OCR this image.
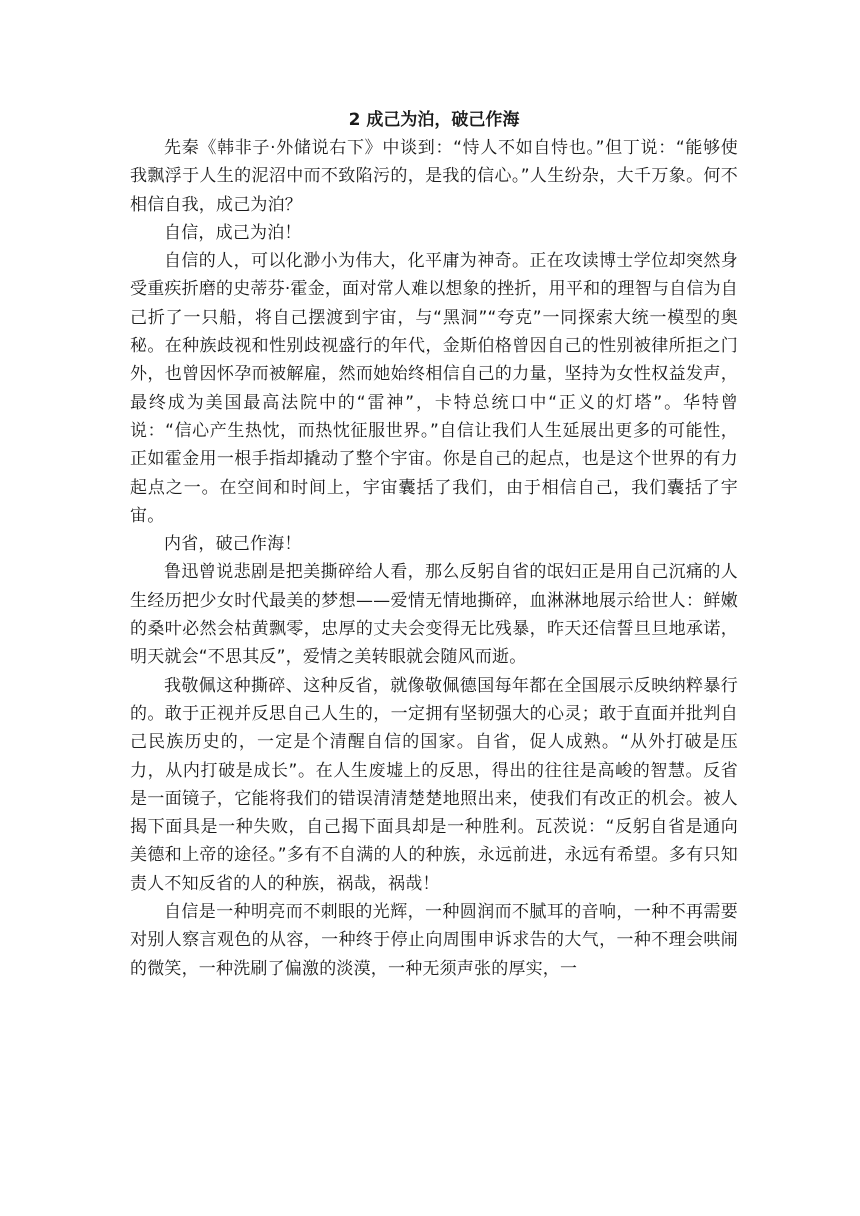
2 成己为泊，破己作海

先秦《韩非子·外储说右下》中谈到：“恃人不如自恃也。”但丁说：“能够使我飘浮于人生的泥沼中而不致陷污的，是我的信心。”人生纷杂，大千万象。何不相信自我，成己为泊？

自信，成己为泊！

自信的人，可以化渺小为伟大，化平庸为神奇。正在攻读博士学位却突然身受重疾折磨的史蒂芬·霍金，面对常人难以想象的挫折，用平和的理智与自信为自己折了一只船，将自己摆渡到宇宙，与“黑洞”“夸克”一同探索大统一模型的奥秘。在种族歧视和性别歧视盛行的年代，金斯伯格曾因自己的性别被律所拒之门外，也曾因怀孕而被解雇，然而她始终相信自己的力量，坚持为女性权益发声，最终成为美国最高法院中的“雷神”，卡特总统口中“正义的灯塔”。华特曾说：“信心产生热忱，而热忱征服世界。”自信让我们人生延展出更多的可能性，正如霍金用一根手指却撬动了整个宇宙。你是自己的起点，也是这个世界的有力起点之一。在空间和时间上，宇宙囊括了我们，由于相信自己，我们囊括了宇宙。

内省，破己作海！

鲁迅曾说悲剧是把美撕碎给人看，那么反躬自省的氓妇正是用自己沉痛的人生经历把少女时代最美的梦想——爱情无情地撕碎，血淋淋地展示给世人：鲜嫩的桑叶必然会枯黄飘零，忠厚的丈夫会变得无比残暴，昨天还信誓旦旦地承诺，明天就会“不思其反”，爱情之美转眼就会随风而逝。

我敬佩这种撕碎、这种反省，就像敬佩德国每年都在全国展示反映纳粹暴行的。敢于正视并反思自己人生的，一定拥有坚韧强大的心灵；敢于直面并批判自己民族历史的，一定是个清醒自信的国家。自省，促人成熟。“从外打破是压力，从内打破是成长”。在人生废墟上的反思，得出的往往是高峻的智慧。反省是一面镜子，它能将我们的错误清清楚楚地照出来，使我们有改正的机会。被人揭下面具是一种失败，自己揭下面具却是一种胜利。瓦茨说：“反躬自省是通向美德和上帝的途径。”多有不自满的人的种族，永远前进，永远有希望。多有只知责人不知反省的人的种族，祸哉，祸哉！

自信是一种明亮而不刺眼的光辉，一种圆润而不腻耳的音响，一种不再需要对别人察言观色的从容，一种终于停止向周围申诉求告的大气，一种不理会哄闹的微笑，一种洗刷了偏激的淡漠，一种无须声张的厚实，一
